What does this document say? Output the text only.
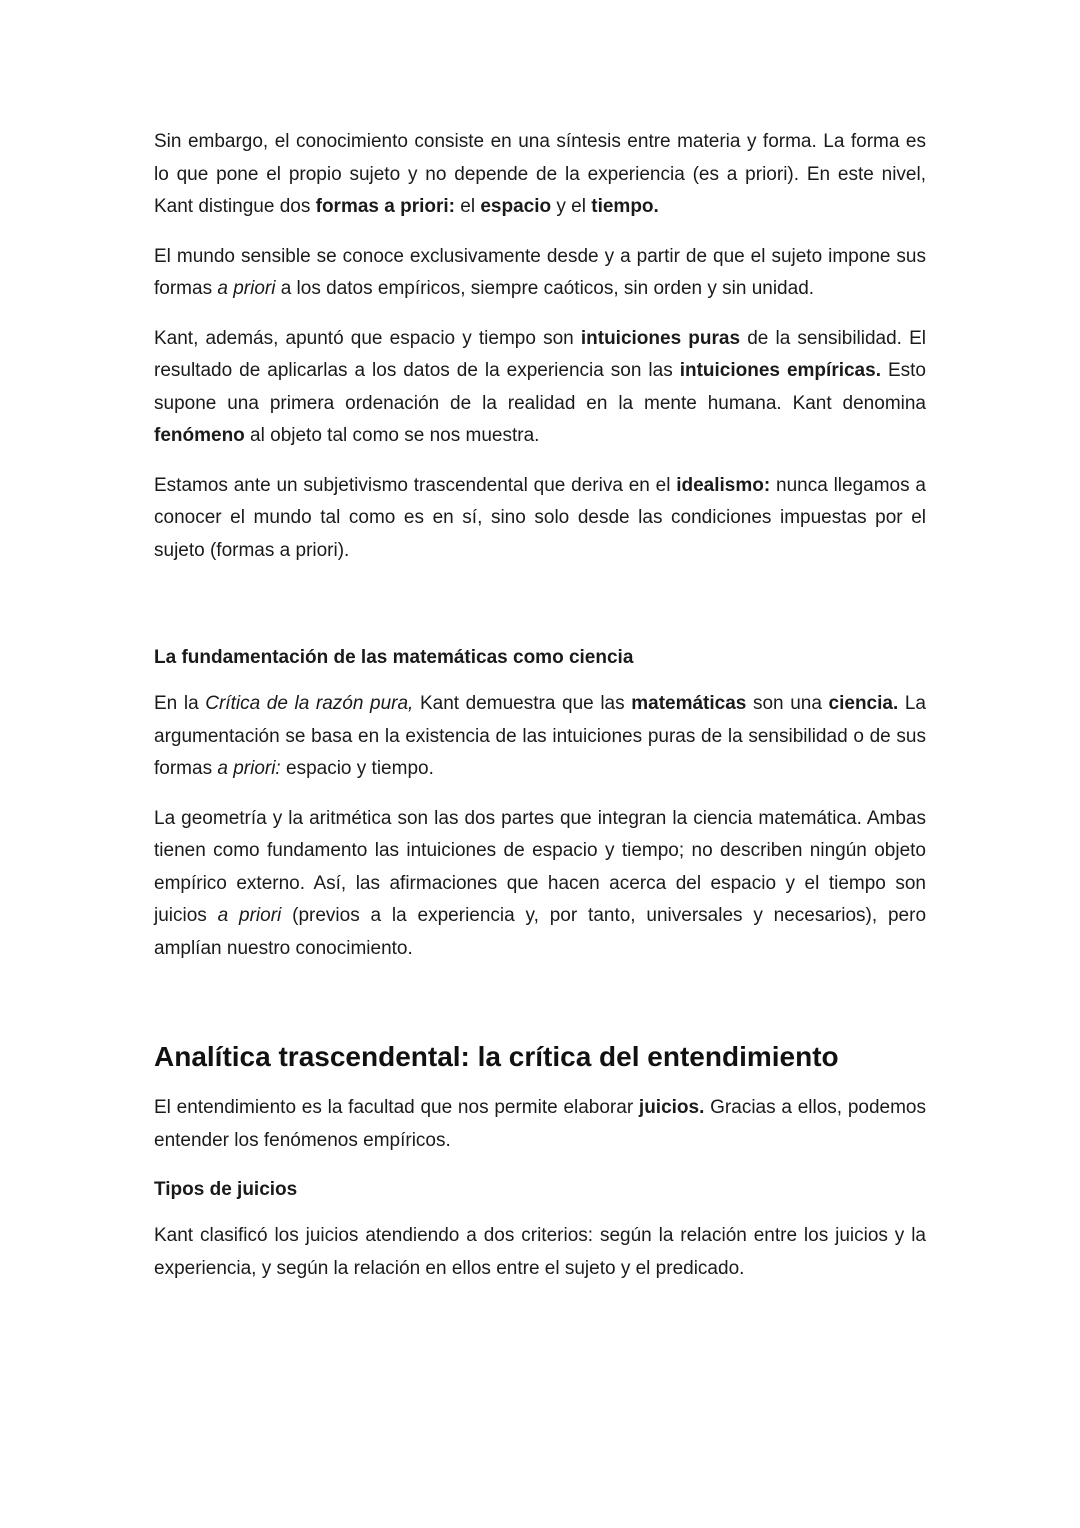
Sin embargo, el conocimiento consiste en una síntesis entre materia y forma. La forma es lo que pone el propio sujeto y no depende de la experiencia (es a priori). En este nivel, Kant distingue dos formas a priori: el espacio y el tiempo.

El mundo sensible se conoce exclusivamente desde y a partir de que el sujeto impone sus formas a priori a los datos empíricos, siempre caóticos, sin orden y sin unidad.

Kant, además, apuntó que espacio y tiempo son intuiciones puras de la sensibilidad. El resultado de aplicarlas a los datos de la experiencia son las intuiciones empíricas. Esto supone una primera ordenación de la realidad en la mente humana. Kant denomina fenómeno al objeto tal como se nos muestra.

Estamos ante un subjetivismo trascendental que deriva en el idealismo: nunca llegamos a conocer el mundo tal como es en sí, sino solo desde las condiciones impuestas por el sujeto (formas a priori).

La fundamentación de las matemáticas como ciencia

En la Crítica de la razón pura, Kant demuestra que las matemáticas son una ciencia. La argumentación se basa en la existencia de las intuiciones puras de la sensibilidad o de sus formas a priori: espacio y tiempo.

La geometría y la aritmética son las dos partes que integran la ciencia matemática. Ambas tienen como fundamento las intuiciones de espacio y tiempo; no describen ningún objeto empírico externo. Así, las afirmaciones que hacen acerca del espacio y el tiempo son juicios a priori (previos a la experiencia y, por tanto, universales y necesarios), pero amplían nuestro conocimiento.

Analítica trascendental: la crítica del entendimiento

El entendimiento es la facultad que nos permite elaborar juicios. Gracias a ellos, podemos entender los fenómenos empíricos.

Tipos de juicios

Kant clasificó los juicios atendiendo a dos criterios: según la relación entre los juicios y la experiencia, y según la relación en ellos entre el sujeto y el predicado.
